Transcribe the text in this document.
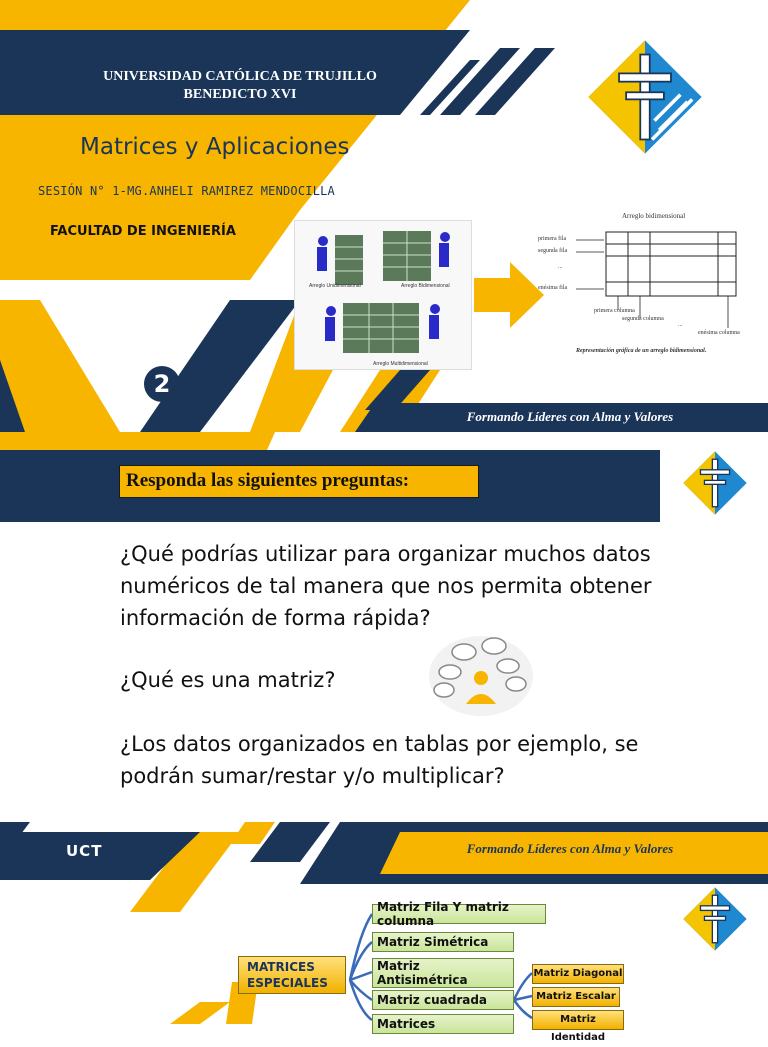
UNIVERSIDAD CATÓLICA DE TRUJILLO
BENEDICTO XVI
Matrices y Aplicaciones
SESIÓN N° 1-MG.ANHELI RAMIREZ MENDOCILLA
FACULTAD DE INGENIERÍA
Arreglo Unidimensional	Arreglo Bidimensional
Arreglo Multidimensional
Arreglo bidimensional
primera fila
segunda fila
...
enésima fila
primera columna
segunda columna
...
enésima columna
Representación gráfica de un arreglo bidimensional.
2
Formando Líderes con Alma y Valores
Responda las siguientes preguntas:
¿Qué podrías utilizar para organizar muchos datos numéricos de tal manera que nos permita obtener información de forma rápida?
¿Qué es una matriz?
¿Los datos organizados en tablas por ejemplo, se podrán sumar/restar y/o multiplicar?
UCT	Formando Líderes con Alma y Valores
MATRICES ESPECIALES
Matriz Fila Y matriz columna
Matriz Simétrica
Matriz Antisimétrica
Matriz cuadrada
Matrices
Matriz Diagonal
Matriz Escalar
Matriz Identidad
